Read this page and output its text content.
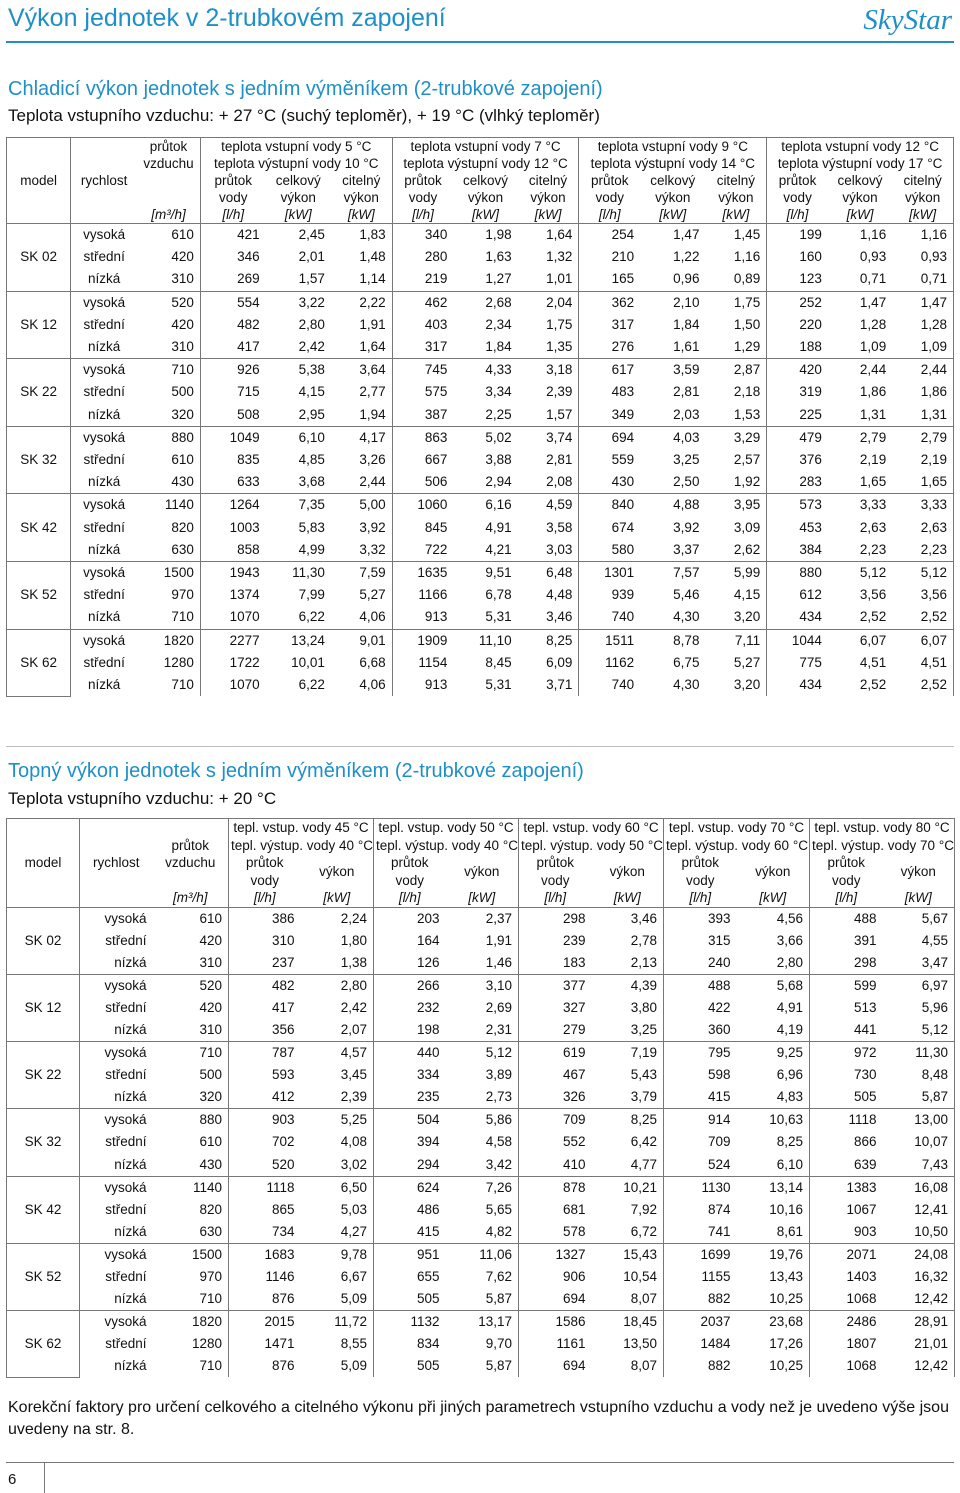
Výkon jednotek v 2-trubkovém zapojení	SkyStar
Chladicí výkon jednotek s jedním výměníkem (2-trubkové zapojení)
Teplota vstupního vzduchu: + 27 °C (suchý teploměr), + 19 °C (vlhký teploměr)
		průtok	teplota vstupní vody 5 °C			teplota vstupní vody 7 °C			teplota vstupní vody 9 °C			teplota vstupní vody 12 °C		
		vzduchu	teplota výstupní vody 10 °C			teplota výstupní vody 12 °C			teplota výstupní vody 14 °C			teplota výstupní vody 17 °C		
model	rychlost		průtok	celkový	citelný	průtok	celkový	citelný	průtok	celkový	citelný	průtok	celkový	citelný
			vody	výkon	výkon	vody	výkon	výkon	vody	výkon	výkon	vody	výkon	výkon
		[m³/h]	[l/h]	[kW]	[kW]	[l/h]	[kW]	[kW]	[l/h]	[kW]	[kW]	[l/h]	[kW]	[kW]
SK 02	vysoká	610	421	2,45	1,83	340	1,98	1,64	254	1,47	1,45	199	1,16	1,16
	střední	420	346	2,01	1,48	280	1,63	1,32	210	1,22	1,16	160	0,93	0,93
	nízká	310	269	1,57	1,14	219	1,27	1,01	165	0,96	0,89	123	0,71	0,71
SK 12	vysoká	520	554	3,22	2,22	462	2,68	2,04	362	2,10	1,75	252	1,47	1,47
	střední	420	482	2,80	1,91	403	2,34	1,75	317	1,84	1,50	220	1,28	1,28
	nízká	310	417	2,42	1,64	317	1,84	1,35	276	1,61	1,29	188	1,09	1,09
SK 22	vysoká	710	926	5,38	3,64	745	4,33	3,18	617	3,59	2,87	420	2,44	2,44
	střední	500	715	4,15	2,77	575	3,34	2,39	483	2,81	2,18	319	1,86	1,86
	nízká	320	508	2,95	1,94	387	2,25	1,57	349	2,03	1,53	225	1,31	1,31
SK 32	vysoká	880	1049	6,10	4,17	863	5,02	3,74	694	4,03	3,29	479	2,79	2,79
	střední	610	835	4,85	3,26	667	3,88	2,81	559	3,25	2,57	376	2,19	2,19
	nízká	430	633	3,68	2,44	506	2,94	2,08	430	2,50	1,92	283	1,65	1,65
SK 42	vysoká	1140	1264	7,35	5,00	1060	6,16	4,59	840	4,88	3,95	573	3,33	3,33
	střední	820	1003	5,83	3,92	845	4,91	3,58	674	3,92	3,09	453	2,63	2,63
	nízká	630	858	4,99	3,32	722	4,21	3,03	580	3,37	2,62	384	2,23	2,23
SK 52	vysoká	1500	1943	11,30	7,59	1635	9,51	6,48	1301	7,57	5,99	880	5,12	5,12
	střední	970	1374	7,99	5,27	1166	6,78	4,48	939	5,46	4,15	612	3,56	3,56
	nízká	710	1070	6,22	4,06	913	5,31	3,46	740	4,30	3,20	434	2,52	2,52
SK 62	vysoká	1820	2277	13,24	9,01	1909	11,10	8,25	1511	8,78	7,11	1044	6,07	6,07
	střední	1280	1722	10,01	6,68	1154	8,45	6,09	1162	6,75	5,27	775	4,51	4,51
	nízká	710	1070	6,22	4,06	913	5,31	3,71	740	4,30	3,20	434	2,52	2,52
Topný výkon jednotek s jedním výměníkem (2-trubkové zapojení)
Teplota vstupního vzduchu: + 20 °C
			tepl. vstup. vody 45 °C		tepl. vstup. vody 50 °C		tepl. vstup. vody 60 °C		tepl. vstup. vody 70 °C		tepl. vstup. vody 80 °C	
		průtok	tepl. výstup. vody 40 °C		tepl. výstup. vody 40 °C		tepl. výstup. vody 50 °C		tepl. výstup. vody 60 °C		tepl. výstup. vody 70 °C	
model	rychlost	vzduchu	průtok	výkon	průtok	výkon	průtok	výkon	průtok	výkon	průtok	výkon
			vody		vody		vody		vody		vody	
		[m³/h]	[l/h]	[kW]	[l/h]	[kW]	[l/h]	[kW]	[l/h]	[kW]	[l/h]	[kW]
SK 02	vysoká	610	386	2,24	203	2,37	298	3,46	393	4,56	488	5,67
	střední	420	310	1,80	164	1,91	239	2,78	315	3,66	391	4,55
	nízká	310	237	1,38	126	1,46	183	2,13	240	2,80	298	3,47
SK 12	vysoká	520	482	2,80	266	3,10	377	4,39	488	5,68	599	6,97
	střední	420	417	2,42	232	2,69	327	3,80	422	4,91	513	5,96
	nízká	310	356	2,07	198	2,31	279	3,25	360	4,19	441	5,12
SK 22	vysoká	710	787	4,57	440	5,12	619	7,19	795	9,25	972	11,30
	střední	500	593	3,45	334	3,89	467	5,43	598	6,96	730	8,48
	nízká	320	412	2,39	235	2,73	326	3,79	415	4,83	505	5,87
SK 32	vysoká	880	903	5,25	504	5,86	709	8,25	914	10,63	1118	13,00
	střední	610	702	4,08	394	4,58	552	6,42	709	8,25	866	10,07
	nízká	430	520	3,02	294	3,42	410	4,77	524	6,10	639	7,43
SK 42	vysoká	1140	1118	6,50	624	7,26	878	10,21	1130	13,14	1383	16,08
	střední	820	865	5,03	486	5,65	681	7,92	874	10,16	1067	12,41
	nízká	630	734	4,27	415	4,82	578	6,72	741	8,61	903	10,50
SK 52	vysoká	1500	1683	9,78	951	11,06	1327	15,43	1699	19,76	2071	24,08
	střední	970	1146	6,67	655	7,62	906	10,54	1155	13,43	1403	16,32
	nízká	710	876	5,09	505	5,87	694	8,07	882	10,25	1068	12,42
SK 62	vysoká	1820	2015	11,72	1132	13,17	1586	18,45	2037	23,68	2486	28,91
	střední	1280	1471	8,55	834	9,70	1161	13,50	1484	17,26	1807	21,01
	nízká	710	876	5,09	505	5,87	694	8,07	882	10,25	1068	12,42
Korekční faktory pro určení celkového a citelného výkonu při jiných parametrech vstupního vzduchu a vody než je uvedeno výše jsou uvedeny na str. 8.
6
